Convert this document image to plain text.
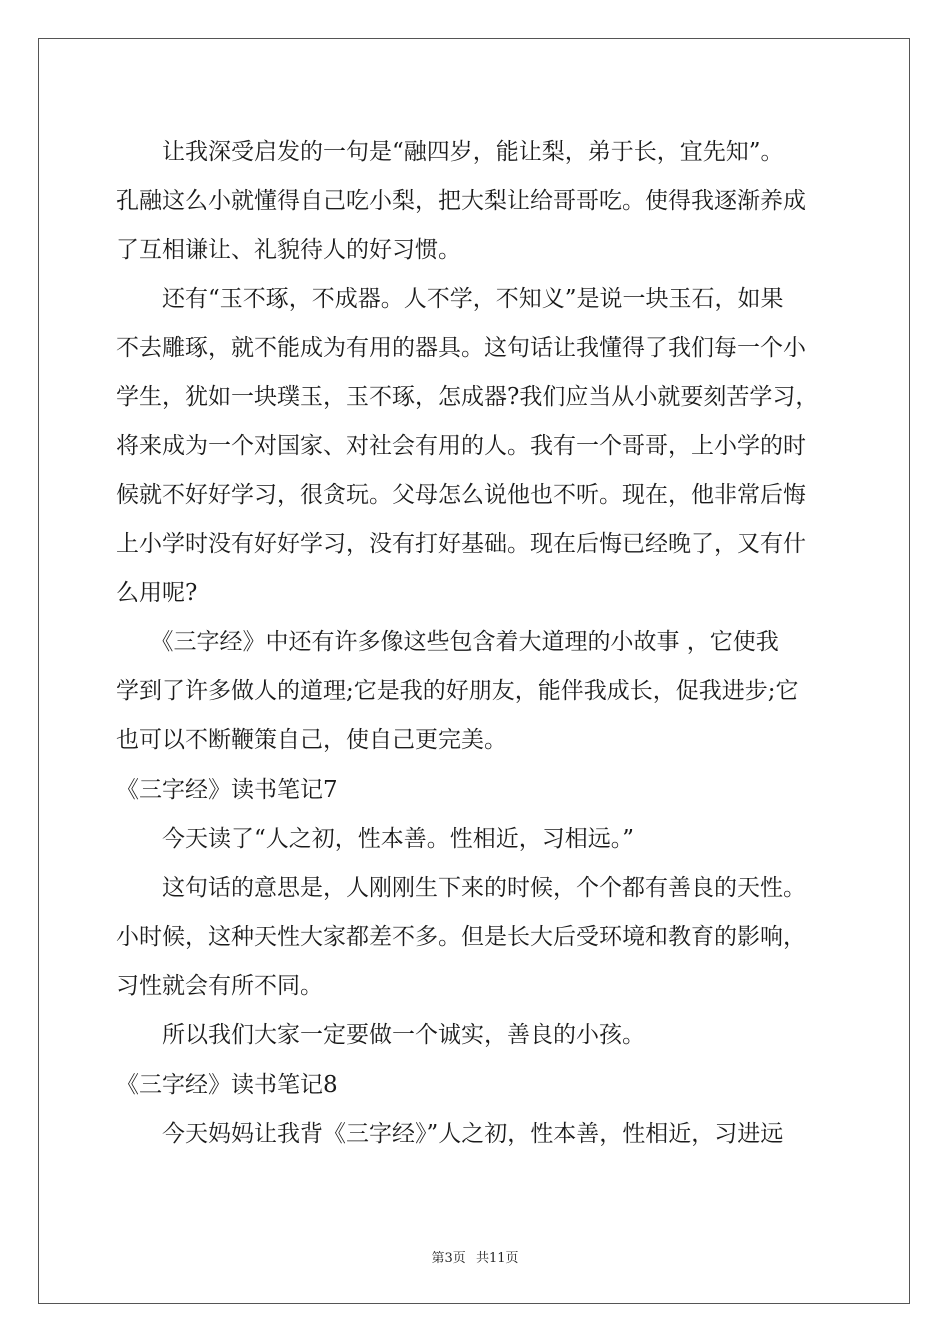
　　让我深受启发的一句是“融四岁，能让梨，弟于长，宜先知”。
孔融这么小就懂得自己吃小梨，把大梨让给哥哥吃。使得我逐渐养成
了互相谦让、礼貌待人的好习惯。
　　还有“玉不琢，不成器。人不学，不知义”是说一块玉石，如果
不去雕琢，就不能成为有用的器具。这句话让我懂得了我们每一个小
学生，犹如一块璞玉，玉不琢，怎成器?我们应当从小就要刻苦学习，
将来成为一个对国家、对社会有用的人。我有一个哥哥，上小学的时
候就不好好学习，很贪玩。父母怎么说他也不听。现在，他非常后悔
上小学时没有好好学习，没有打好基础。现在后悔已经晚了，又有什
么用呢?
　　《三字经》中还有许多像这些包含着大道理的小故事 ，它使我
学到了许多做人的道理;它是我的好朋友，能伴我成长，促我进步;它
也可以不断鞭策自己，使自己更完美。
《三字经》读书笔记7
　　今天读了“人之初，性本善。性相近，习相远。”
　　这句话的意思是，人刚刚生下来的时候，个个都有善良的天性。
小时候，这种天性大家都差不多。但是长大后受环境和教育的影响，
习性就会有所不同。
　　所以我们大家一定要做一个诚实，善良的小孩。
《三字经》读书笔记8
　　今天妈妈让我背《三字经》”人之初，性本善，性相近，习进远
第3页 共11页
